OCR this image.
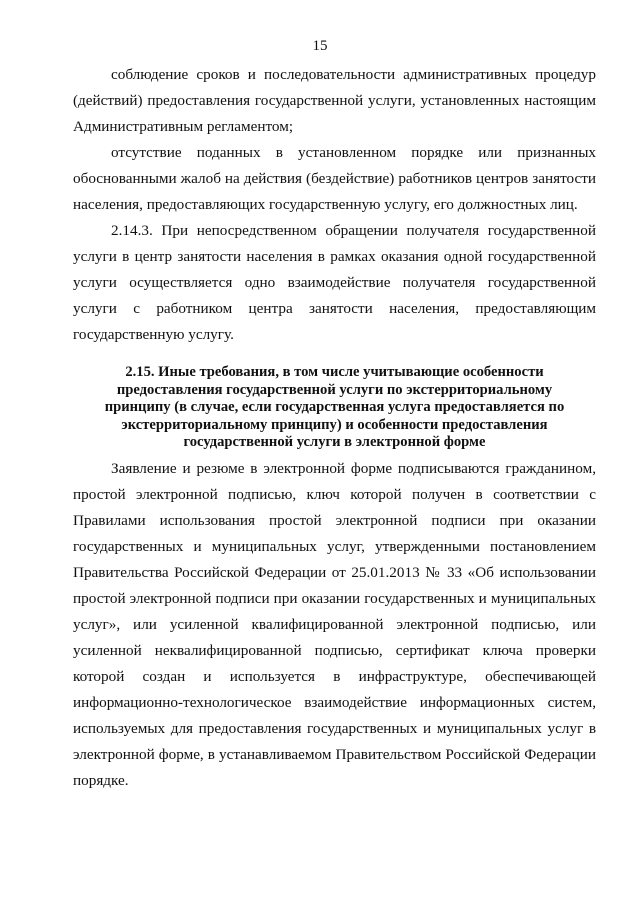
15

соблюдение сроков и последовательности административных процедур (действий) предоставления государственной услуги, установленных настоящим Административным регламентом;

отсутствие поданных в установленном порядке или признанных обоснованными жалоб на действия (бездействие) работников центров занятости населения, предоставляющих государственную услугу, его должностных лиц.

2.14.3. При непосредственном обращении получателя государственной услуги в центр занятости населения в рамках оказания одной государственной услуги осуществляется одно взаимодействие получателя государственной услуги с работником центра занятости населения, предоставляющим государственную услугу.

2.15. Иные требования, в том числе учитывающие особенности предоставления государственной услуги по экстерриториальному принципу (в случае, если государственная услуга предоставляется по экстерриториальному принципу) и особенности предоставления государственной услуги в электронной форме

Заявление и резюме в электронной форме подписываются гражданином, простой электронной подписью, ключ которой получен в соответствии с Правилами использования простой электронной подписи при оказании государственных и муниципальных услуг, утвержденными постановлением Правительства Российской Федерации от 25.01.2013 № 33 «Об использовании простой электронной подписи при оказании государственных и муниципальных услуг», или усиленной квалифицированной электронной подписью, или усиленной неквалифицированной подписью, сертификат ключа проверки которой создан и используется в инфраструктуре, обеспечивающей информационно-технологическое взаимодействие информационных систем, используемых для предоставления государственных и муниципальных услуг в электронной форме, в устанавливаемом Правительством Российской Федерации порядке.
